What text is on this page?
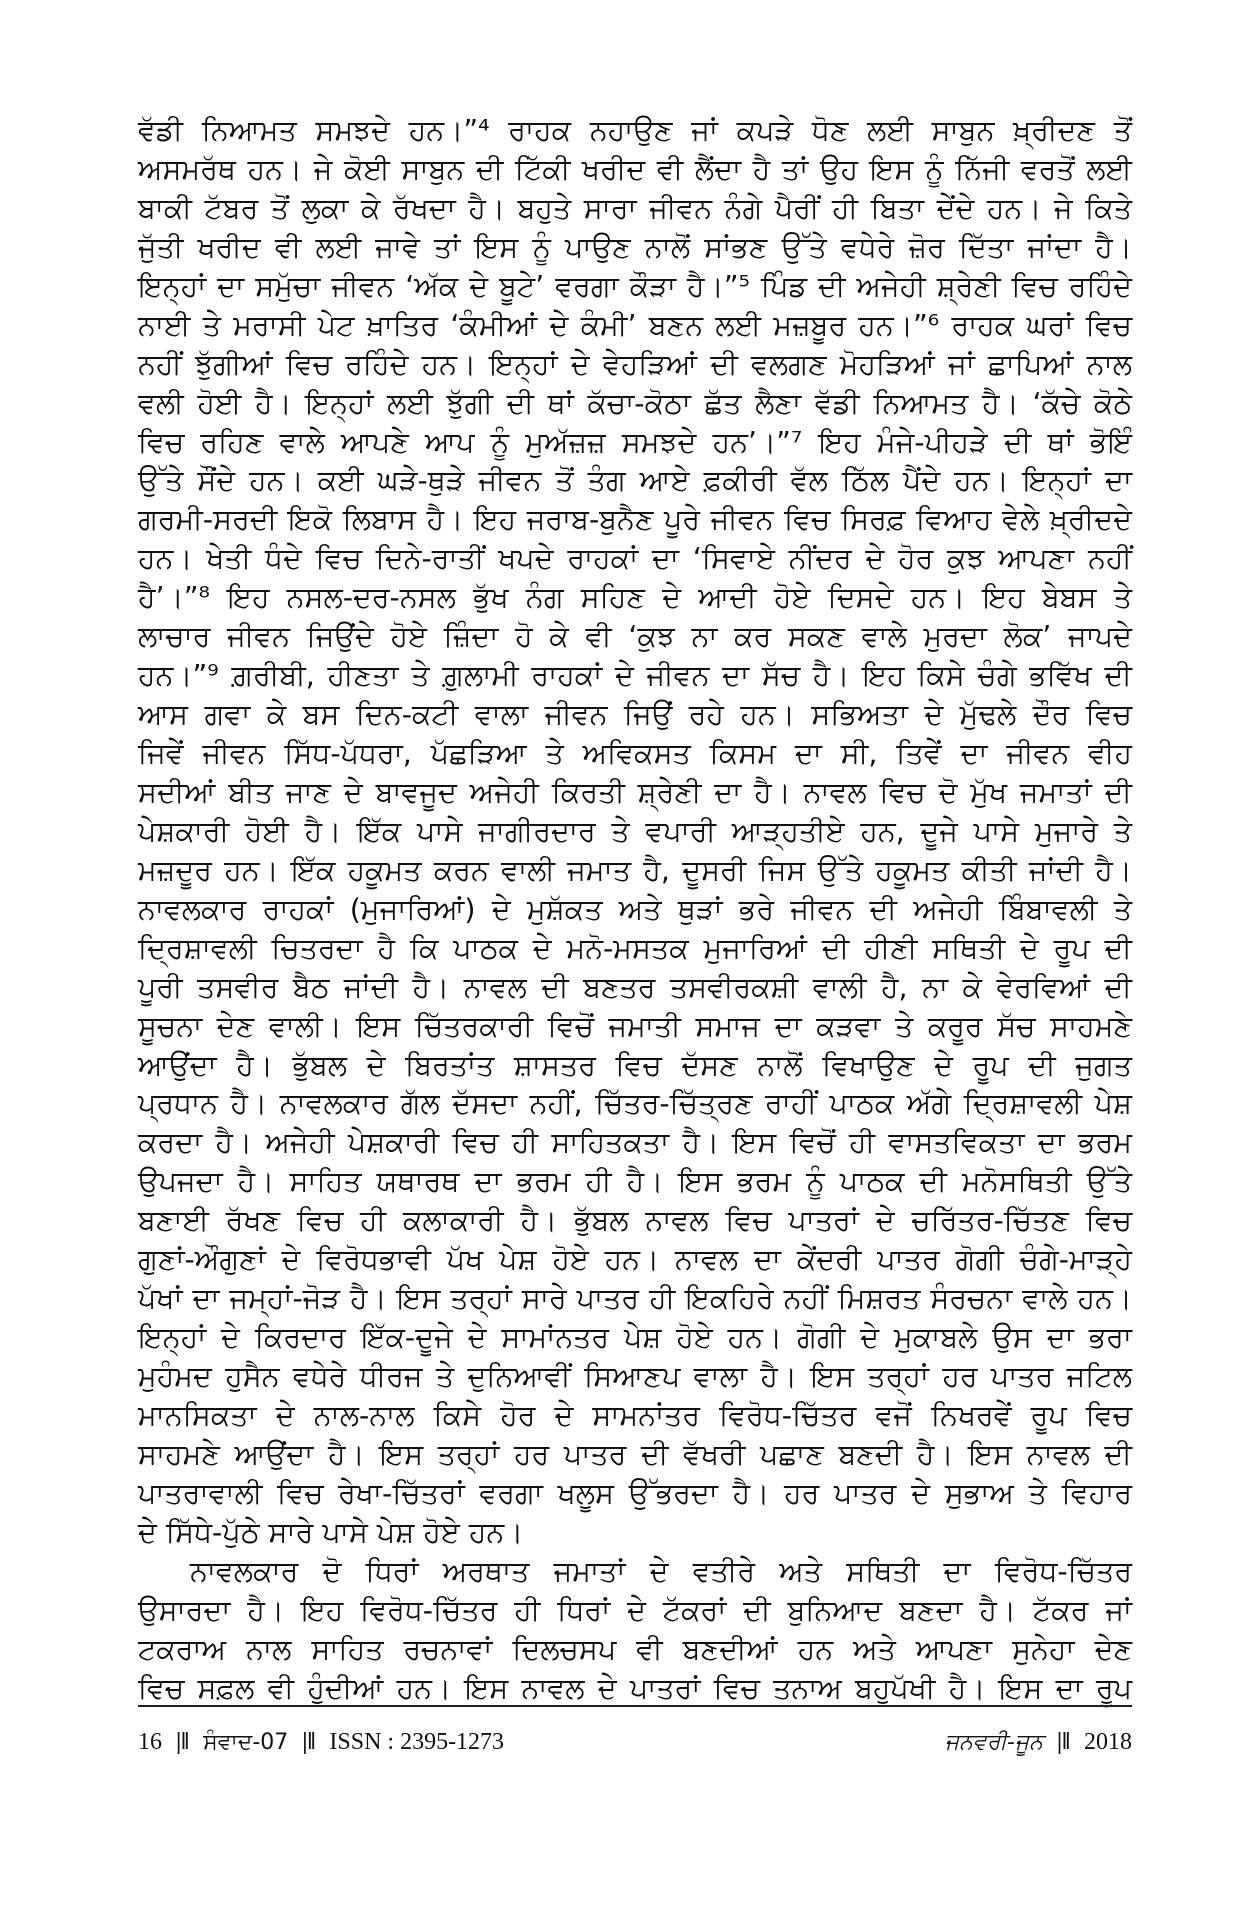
ਵੱਡੀ ਨਿਆਮਤ ਸਮਝਦੇ ਹਨ।”⁴ ਰਾਹਕ ਨਹਾਉਣ ਜਾਂ ਕਪੜੇ ਧੋਣ ਲਈ ਸਾਬੁਨ ਖ਼੍ਰੀਦਣ ਤੋਂ
ਅਸਮਰੱਥ ਹਨ। ਜੇ ਕੋਈ ਸਾਬੁਨ ਦੀ ਟਿੱਕੀ ਖਰੀਦ ਵੀ ਲੈਂਦਾ ਹੈ ਤਾਂ ਉਹ ਇਸ ਨੂੰ ਨਿੱਜੀ ਵਰਤੋਂ ਲਈ
ਬਾਕੀ ਟੱਬਰ ਤੋਂ ਲੁਕਾ ਕੇ ਰੱਖਦਾ ਹੈ। ਬਹੁਤੇ ਸਾਰਾ ਜੀਵਨ ਨੰਗੇ ਪੈਰੀਂ ਹੀ ਬਿਤਾ ਦੇਂਦੇ ਹਨ। ਜੇ ਕਿਤੇ
ਜੁੱਤੀ ਖਰੀਦ ਵੀ ਲਈ ਜਾਵੇ ਤਾਂ ਇਸ ਨੂੰ ਪਾਉਣ ਨਾਲੋਂ ਸਾਂਭਣ ਉੱਤੇ ਵਧੇਰੇ ਜ਼ੋਰ ਦਿੱਤਾ ਜਾਂਦਾ ਹੈ।
ਇਨ੍ਹਾਂ ਦਾ ਸਮੁੱਚਾ ਜੀਵਨ ‘ਅੱਕ ਦੇ ਬੂਟੇ’ ਵਰਗਾ ਕੌੜਾ ਹੈ।”⁵ ਪਿੰਡ ਦੀ ਅਜੇਹੀ ਸ਼੍ਰੇਣੀ ਵਿਚ ਰਹਿੰਦੇ
ਨਾਈ ਤੇ ਮਰਾਸੀ ਪੇਟ ਖ਼ਾਤਿਰ ‘ਕੰਮੀਆਂ ਦੇ ਕੰਮੀ’ ਬਣਨ ਲਈ ਮਜ਼ਬੂਰ ਹਨ।”⁶ ਰਾਹਕ ਘਰਾਂ ਵਿਚ
ਨਹੀਂ ਝੁੱਗੀਆਂ ਵਿਚ ਰਹਿੰਦੇ ਹਨ। ਇਨ੍ਹਾਂ ਦੇ ਵੇਹੜਿਆਂ ਦੀ ਵਲਗਣ ਮੋਹੜਿਆਂ ਜਾਂ ਛਾਪਿਆਂ ਨਾਲ
ਵਲੀ ਹੋਈ ਹੈ। ਇਨ੍ਹਾਂ ਲਈ ਝੁੱਗੀ ਦੀ ਥਾਂ ਕੱਚਾ-ਕੋਠਾ ਛੱਤ ਲੈਣਾ ਵੱਡੀ ਨਿਆਮਤ ਹੈ। ‘ਕੱਚੇ ਕੋਠੇ
ਵਿਚ ਰਹਿਣ ਵਾਲੇ ਆਪਣੇ ਆਪ ਨੂੰ ਮੁਅੱਜ਼ਜ਼ ਸਮਝਦੇ ਹਨ’।”⁷ ਇਹ ਮੰਜੇ-ਪੀਹੜੇ ਦੀ ਥਾਂ ਭੋਇੰ
ਉੱਤੇ ਸੌਂਦੇ ਹਨ। ਕਈ ਘੜੇ-ਥੁੜੇ ਜੀਵਨ ਤੋਂ ਤੰਗ ਆਏ ਫ਼ਕੀਰੀ ਵੱਲ ਠਿੱਲ ਪੈਂਦੇ ਹਨ। ਇਨ੍ਹਾਂ ਦਾ
ਗਰਮੀ-ਸਰਦੀ ਇਕੋ ਲਿਬਾਸ ਹੈ। ਇਹ ਜਰਾਬ-ਬੁਨੈਣ ਪੂਰੇ ਜੀਵਨ ਵਿਚ ਸਿਰਫ਼ ਵਿਆਹ ਵੇਲੇ ਖ਼੍ਰੀਦਦੇ
ਹਨ। ਖੇਤੀ ਧੰਦੇ ਵਿਚ ਦਿਨੇ-ਰਾਤੀਂ ਖਪਦੇ ਰਾਹਕਾਂ ਦਾ ‘ਸਿਵਾਏ ਨੀਂਦਰ ਦੇ ਹੋਰ ਕੁਝ ਆਪਣਾ ਨਹੀਂ
ਹੈ’।”⁸ ਇਹ ਨਸਲ-ਦਰ-ਨਸਲ ਭੁੱਖ ਨੰਗ ਸਹਿਣ ਦੇ ਆਦੀ ਹੋਏ ਦਿਸਦੇ ਹਨ। ਇਹ ਬੇਬਸ ਤੇ
ਲਾਚਾਰ ਜੀਵਨ ਜਿਉਂਦੇ ਹੋਏ ਜ਼ਿੰਦਾ ਹੋ ਕੇ ਵੀ ‘ਕੁਝ ਨਾ ਕਰ ਸਕਣ ਵਾਲੇ ਮੁਰਦਾ ਲੋਕ’ ਜਾਪਦੇ
ਹਨ।”⁹ ਗ਼ਰੀਬੀ, ਹੀਣਤਾ ਤੇ ਗ਼ੁਲਾਮੀ ਰਾਹਕਾਂ ਦੇ ਜੀਵਨ ਦਾ ਸੱਚ ਹੈ। ਇਹ ਕਿਸੇ ਚੰਗੇ ਭਵਿੱਖ ਦੀ
ਆਸ ਗਵਾ ਕੇ ਬਸ ਦਿਨ-ਕਟੀ ਵਾਲਾ ਜੀਵਨ ਜਿਉਂ ਰਹੇ ਹਨ। ਸਭਿਅਤਾ ਦੇ ਮੁੱਢਲੇ ਦੌਰ ਵਿਚ
ਜਿਵੇਂ ਜੀਵਨ ਸਿੱਧ-ਪੱਧਰਾ, ਪੱਛੜਿਆ ਤੇ ਅਵਿਕਸਤ ਕਿਸਮ ਦਾ ਸੀ, ਤਿਵੇਂ ਦਾ ਜੀਵਨ ਵੀਹ
ਸਦੀਆਂ ਬੀਤ ਜਾਣ ਦੇ ਬਾਵਜੂਦ ਅਜੇਹੀ ਕਿਰਤੀ ਸ਼੍ਰੇਣੀ ਦਾ ਹੈ। ਨਾਵਲ ਵਿਚ ਦੋ ਮੁੱਖ ਜਮਾਤਾਂ ਦੀ
ਪੇਸ਼ਕਾਰੀ ਹੋਈ ਹੈ। ਇੱਕ ਪਾਸੇ ਜਾਗੀਰਦਾਰ ਤੇ ਵਪਾਰੀ ਆੜ੍ਹਤੀਏ ਹਨ, ਦੂਜੇ ਪਾਸੇ ਮੁਜਾਰੇ ਤੇ
ਮਜ਼ਦੂਰ ਹਨ। ਇੱਕ ਹਕੂਮਤ ਕਰਨ ਵਾਲੀ ਜਮਾਤ ਹੈ, ਦੂਸਰੀ ਜਿਸ ਉੱਤੇ ਹਕੂਮਤ ਕੀਤੀ ਜਾਂਦੀ ਹੈ।
ਨਾਵਲਕਾਰ ਰਾਹਕਾਂ (ਮੁਜਾਰਿਆਂ) ਦੇ ਮੁਸ਼ੱਕਤ ਅਤੇ ਥੁੜਾਂ ਭਰੇ ਜੀਵਨ ਦੀ ਅਜੇਹੀ ਬਿੰਬਾਵਲੀ ਤੇ
ਦ੍ਰਿਸ਼ਾਵਲੀ ਚਿਤਰਦਾ ਹੈ ਕਿ ਪਾਠਕ ਦੇ ਮਨੋ-ਮਸਤਕ ਮੁਜਾਰਿਆਂ ਦੀ ਹੀਣੀ ਸਥਿਤੀ ਦੇ ਰੂਪ ਦੀ
ਪੂਰੀ ਤਸਵੀਰ ਬੈਠ ਜਾਂਦੀ ਹੈ। ਨਾਵਲ ਦੀ ਬਣਤਰ ਤਸਵੀਰਕਸ਼ੀ ਵਾਲੀ ਹੈ, ਨਾ ਕੇ ਵੇਰਵਿਆਂ ਦੀ
ਸੂਚਨਾ ਦੇਣ ਵਾਲੀ। ਇਸ ਚਿੱਤਰਕਾਰੀ ਵਿਚੋਂ ਜਮਾਤੀ ਸਮਾਜ ਦਾ ਕੜਵਾ ਤੇ ਕਰੂਰ ਸੱਚ ਸਾਹਮਣੇ
ਆਉਂਦਾ ਹੈ। ਭੁੱਬਲ ਦੇ ਬਿਰਤਾਂਤ ਸ਼ਾਸਤਰ ਵਿਚ ਦੱਸਣ ਨਾਲੋਂ ਵਿਖਾਉਣ ਦੇ ਰੂਪ ਦੀ ਜੁਗਤ
ਪ੍ਰਧਾਨ ਹੈ। ਨਾਵਲਕਾਰ ਗੱਲ ਦੱਸਦਾ ਨਹੀਂ, ਚਿੱਤਰ-ਚਿੱਤ੍ਰਣ ਰਾਹੀਂ ਪਾਠਕ ਅੱਗੇ ਦ੍ਰਿਸ਼ਾਵਲੀ ਪੇਸ਼
ਕਰਦਾ ਹੈ। ਅਜੇਹੀ ਪੇਸ਼ਕਾਰੀ ਵਿਚ ਹੀ ਸਾਹਿਤਕਤਾ ਹੈ। ਇਸ ਵਿਚੋਂ ਹੀ ਵਾਸਤਵਿਕਤਾ ਦਾ ਭਰਮ
ਉਪਜਦਾ ਹੈ। ਸਾਹਿਤ ਯਥਾਰਥ ਦਾ ਭਰਮ ਹੀ ਹੈ। ਇਸ ਭਰਮ ਨੂੰ ਪਾਠਕ ਦੀ ਮਨੋਸਥਿਤੀ ਉੱਤੇ
ਬਣਾਈ ਰੱਖਣ ਵਿਚ ਹੀ ਕਲਾਕਾਰੀ ਹੈ। ਭੁੱਬਲ ਨਾਵਲ ਵਿਚ ਪਾਤਰਾਂ ਦੇ ਚਰਿੱਤਰ-ਚਿੱਤਣ ਵਿਚ
ਗੁਣਾਂ-ਔਗੁਣਾਂ ਦੇ ਵਿਰੋਧਭਾਵੀ ਪੱਖ ਪੇਸ਼ ਹੋਏ ਹਨ। ਨਾਵਲ ਦਾ ਕੇਂਦਰੀ ਪਾਤਰ ਗੋਗੀ ਚੰਗੇ-ਮਾੜ੍ਹੇ
ਪੱਖਾਂ ਦਾ ਜਮ੍ਹਾਂ-ਜੋੜ ਹੈ। ਇਸ ਤਰ੍ਹਾਂ ਸਾਰੇ ਪਾਤਰ ਹੀ ਇਕਹਿਰੇ ਨਹੀਂ ਮਿਸ਼ਰਤ ਸੰਰਚਨਾ ਵਾਲੇ ਹਨ।
ਇਨ੍ਹਾਂ ਦੇ ਕਿਰਦਾਰ ਇੱਕ-ਦੂਜੇ ਦੇ ਸਾਮਾਂਨਤਰ ਪੇਸ਼ ਹੋਏ ਹਨ। ਗੋਗੀ ਦੇ ਮੁਕਾਬਲੇ ਉਸ ਦਾ ਭਰਾ
ਮੁਹੰਮਦ ਹੁਸੈਨ ਵਧੇਰੇ ਧੀਰਜ ਤੇ ਦੁਨਿਆਵੀਂ ਸਿਆਣਪ ਵਾਲਾ ਹੈ। ਇਸ ਤਰ੍ਹਾਂ ਹਰ ਪਾਤਰ ਜਟਿਲ
ਮਾਨਸਿਕਤਾ ਦੇ ਨਾਲ-ਨਾਲ ਕਿਸੇ ਹੋਰ ਦੇ ਸਾਮਨਾਂਤਰ ਵਿਰੋਧ-ਚਿੱਤਰ ਵਜੋਂ ਨਿਖਰਵੇਂ ਰੂਪ ਵਿਚ
ਸਾਹਮਣੇ ਆਉਂਦਾ ਹੈ। ਇਸ ਤਰ੍ਹਾਂ ਹਰ ਪਾਤਰ ਦੀ ਵੱਖਰੀ ਪਛਾਣ ਬਣਦੀ ਹੈ। ਇਸ ਨਾਵਲ ਦੀ
ਪਾਤਰਾਵਾਲੀ ਵਿਚ ਰੇਖਾ-ਚਿੱਤਰਾਂ ਵਰਗਾ ਖਲੂਸ ਉੱਭਰਦਾ ਹੈ। ਹਰ ਪਾਤਰ ਦੇ ਸੁਭਾਅ ਤੇ ਵਿਹਾਰ
ਦੇ ਸਿੱਧੇ-ਪੁੱਠੇ ਸਾਰੇ ਪਾਸੇ ਪੇਸ਼ ਹੋਏ ਹਨ।
ਨਾਵਲਕਾਰ ਦੋ ਧਿਰਾਂ ਅਰਥਾਤ ਜਮਾਤਾਂ ਦੇ ਵਤੀਰੇ ਅਤੇ ਸਥਿਤੀ ਦਾ ਵਿਰੋਧ-ਚਿੱਤਰ
ਉਸਾਰਦਾ ਹੈ। ਇਹ ਵਿਰੋਧ-ਚਿੱਤਰ ਹੀ ਧਿਰਾਂ ਦੇ ਟੱਕਰਾਂ ਦੀ ਬੁਨਿਆਦ ਬਣਦਾ ਹੈ। ਟੱਕਰ ਜਾਂ
ਟਕਰਾਅ ਨਾਲ ਸਾਹਿਤ ਰਚਨਾਵਾਂ ਦਿਲਚਸਪ ਵੀ ਬਣਦੀਆਂ ਹਨ ਅਤੇ ਆਪਣਾ ਸੁਨੇਹਾ ਦੇਣ
ਵਿਚ ਸਫ਼ਲ ਵੀ ਹੁੰਦੀਆਂ ਹਨ। ਇਸ ਨਾਵਲ ਦੇ ਪਾਤਰਾਂ ਵਿਚ ਤਨਾਅ ਬਹੁਪੱਖੀ ਹੈ। ਇਸ ਦਾ ਰੂਪ
16 |‖ ਸੰਵਾਦ-07 |‖ ISSN : 2395-1273	ਜਨਵਰੀ-ਜੂਨ |‖ 2018
